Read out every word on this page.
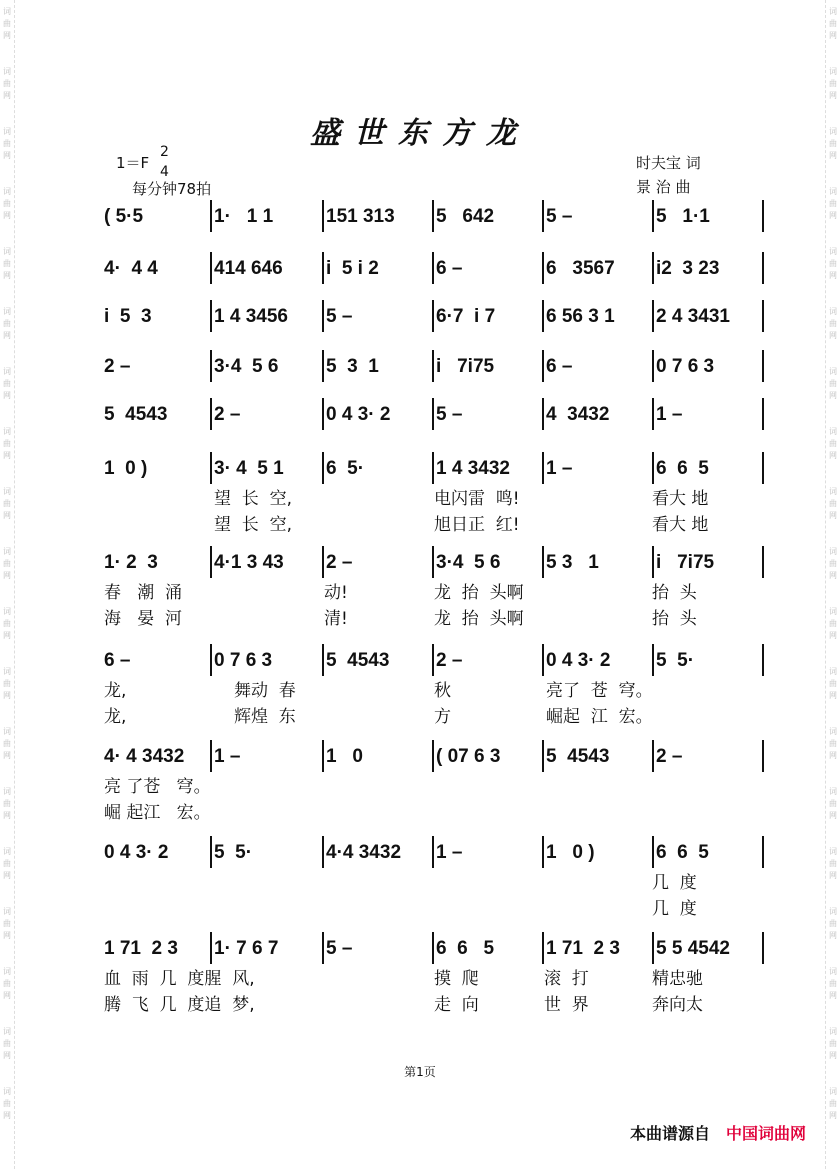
词曲网
词曲网
词曲网
词曲网
词曲网
词曲网
词曲网
词曲网
词曲网
词曲网
词曲网
词曲网
词曲网
词曲网
词曲网
词曲网
词曲网
词曲网
词曲网
词曲网
词曲网
词曲网
词曲网
词曲网
词曲网
词曲网
词曲网
词曲网
词曲网
词曲网
词曲网
词曲网
词曲网
词曲网
词曲网
词曲网
词曲网
词曲网
盛世东方龙
1＝F
2
4
每分钟78拍
时夫宝 词
景 治 曲
( 5·5	1·   1 1	151 313 5   642	5 –	5   1·1
4·  4 4	414 646 i  5 i 2	6 –	6   3567 i2  3 23
i  5  3	1 4 3456 5 –	6·7  i 7	6 56 3 1 2 4 3431
2 –	3·4  5 6	5  3  1	i   7i75	6 –	0 7 6 3
5  4543 2 –	0 4 3· 2 5 –	4  3432 1 –
1  0 )	3· 4  5 1 6  5·	1 4 3432 1 –	6  6  5
望  长  空,	电闪雷  鸣!	看大 地
望  长  空,	旭日正  红!	看大 地
1· 2  3	4·1 3 43 2 –	3·4  5 6 5 3   1	i   7i75
春   潮  涌	动!	龙  抬  头啊	抬  头
海   晏  河	清!	龙  抬  头啊	抬  头
6 –	0 7 6 3	5  4543 2 –	0 4 3· 2 5  5·
龙,	舞动  春	秋	亮了  苍  穹。
龙,	辉煌  东	方	崛起  江  宏。
4· 4 3432 1 –	1   0	( 07 6 3 5  4543 2 –
亮 了苍   穹。
崛 起江   宏。
0 4 3· 2 5  5·	4·4 3432 1 –	1   0 )	6  6  5
几  度
几  度
1 71  2 3 1· 7 6 7	5 –	6  6   5	1 71  2 3 5 5 4542
血  雨  几  度腥  风,	摸  爬	滚  打	精忠驰
腾  飞  几  度追  梦,	走  向	世  界	奔向太
第1页
本曲谱源自 中国词曲网
